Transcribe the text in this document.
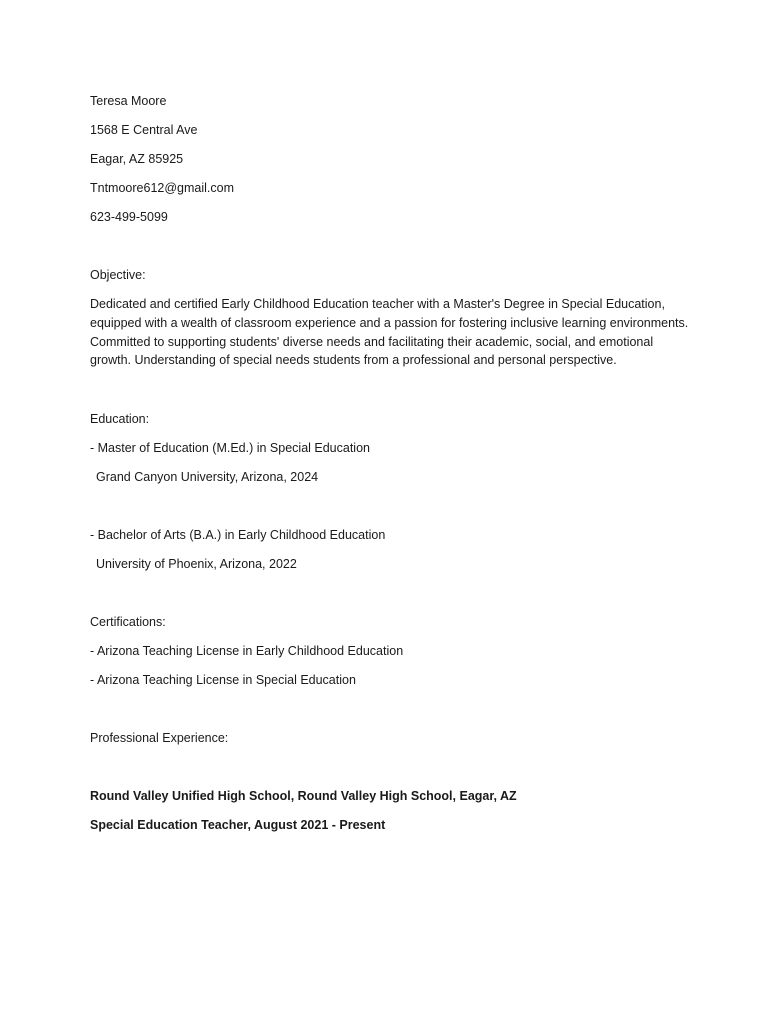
Teresa Moore

1568 E Central Ave

Eagar, AZ 85925

Tntmoore612@gmail.com

623-499-5099

Objective:

Dedicated and certified Early Childhood Education teacher with a Master's Degree in Special Education, equipped with a wealth of classroom experience and a passion for fostering inclusive learning environments. Committed to supporting students' diverse needs and facilitating their academic, social, and emotional growth. Understanding of special needs students from a professional and personal perspective.

Education:

- Master of Education (M.Ed.) in Special Education

Grand Canyon University, Arizona, 2024

- Bachelor of Arts (B.A.) in Early Childhood Education

University of Phoenix, Arizona, 2022

Certifications:

- Arizona Teaching License in Early Childhood Education

- Arizona Teaching License in Special Education

Professional Experience:

Round Valley Unified High School, Round Valley High School, Eagar, AZ

Special Education Teacher, August 2021 - Present
